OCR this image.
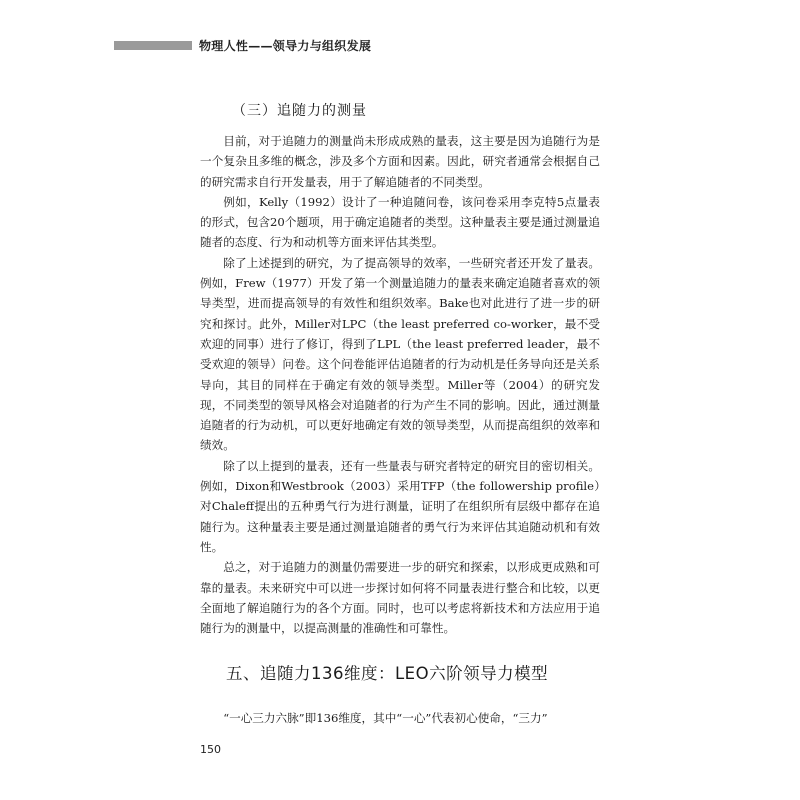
物理人性——领导力与组织发展
（三）追随力的测量

目前，对于追随力的测量尚未形成成熟的量表，这主要是因为追随行为是一个复杂且多维的概念，涉及多个方面和因素。因此，研究者通常会根据自己的研究需求自行开发量表，用于了解追随者的不同类型。

例如，Kelly（1992）设计了一种追随问卷，该问卷采用李克特5点量表的形式，包含20个题项，用于确定追随者的类型。这种量表主要是通过测量追随者的态度、行为和动机等方面来评估其类型。

除了上述提到的研究，为了提高领导的效率，一些研究者还开发了量表。例如，Frew（1977）开发了第一个测量追随力的量表来确定追随者喜欢的领导类型，进而提高领导的有效性和组织效率。Bake也对此进行了进一步的研究和探讨。此外，Miller对LPC（the least preferred co-worker，最不受欢迎的同事）进行了修订，得到了LPL（the least preferred leader，最不受欢迎的领导）问卷。这个问卷能评估追随者的行为动机是任务导向还是关系导向，其目的同样在于确定有效的领导类型。Miller等（2004）的研究发现，不同类型的领导风格会对追随者的行为产生不同的影响。因此，通过测量追随者的行为动机，可以更好地确定有效的领导类型，从而提高组织的效率和绩效。

除了以上提到的量表，还有一些量表与研究者特定的研究目的密切相关。例如，Dixon和Westbrook（2003）采用TFP（the followership profile）对Chaleff提出的五种勇气行为进行测量，证明了在组织所有层级中都存在追随行为。这种量表主要是通过测量追随者的勇气行为来评估其追随动机和有效性。

总之，对于追随力的测量仍需要进一步的研究和探索，以形成更成熟和可靠的量表。未来研究中可以进一步探讨如何将不同量表进行整合和比较，以更全面地了解追随行为的各个方面。同时，也可以考虑将新技术和方法应用于追随行为的测量中，以提高测量的准确性和可靠性。

五、追随力136维度：LEO六阶领导力模型
“一心三力六脉”即136维度，其中“一心”代表初心使命，“三力”
150
